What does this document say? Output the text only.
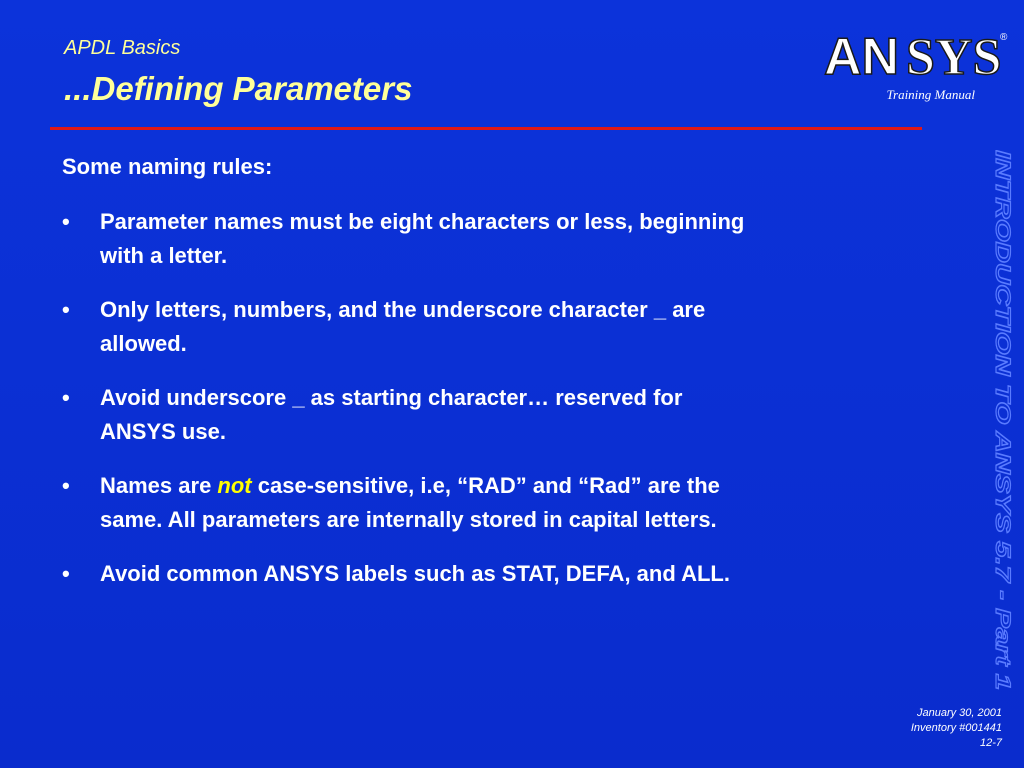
APDL Basics
...Defining Parameters
AN SYS
®
Training Manual
Some naming rules:
•	Parameter names must be eight characters or less, beginning
with a letter.
•	Only letters, numbers, and the underscore character _ are
allowed.
•	Avoid underscore _ as starting character… reserved for
ANSYS use.
•	Names are not case-sensitive, i.e, “RAD” and “Rad” are the
same. All parameters are internally stored in capital letters.
•	Avoid common ANSYS labels such as STAT, DEFA, and ALL.
INTRODUCTION TO ANSYS 5.7 - Part 1
January 30, 2001
Inventory #001441
12-7
